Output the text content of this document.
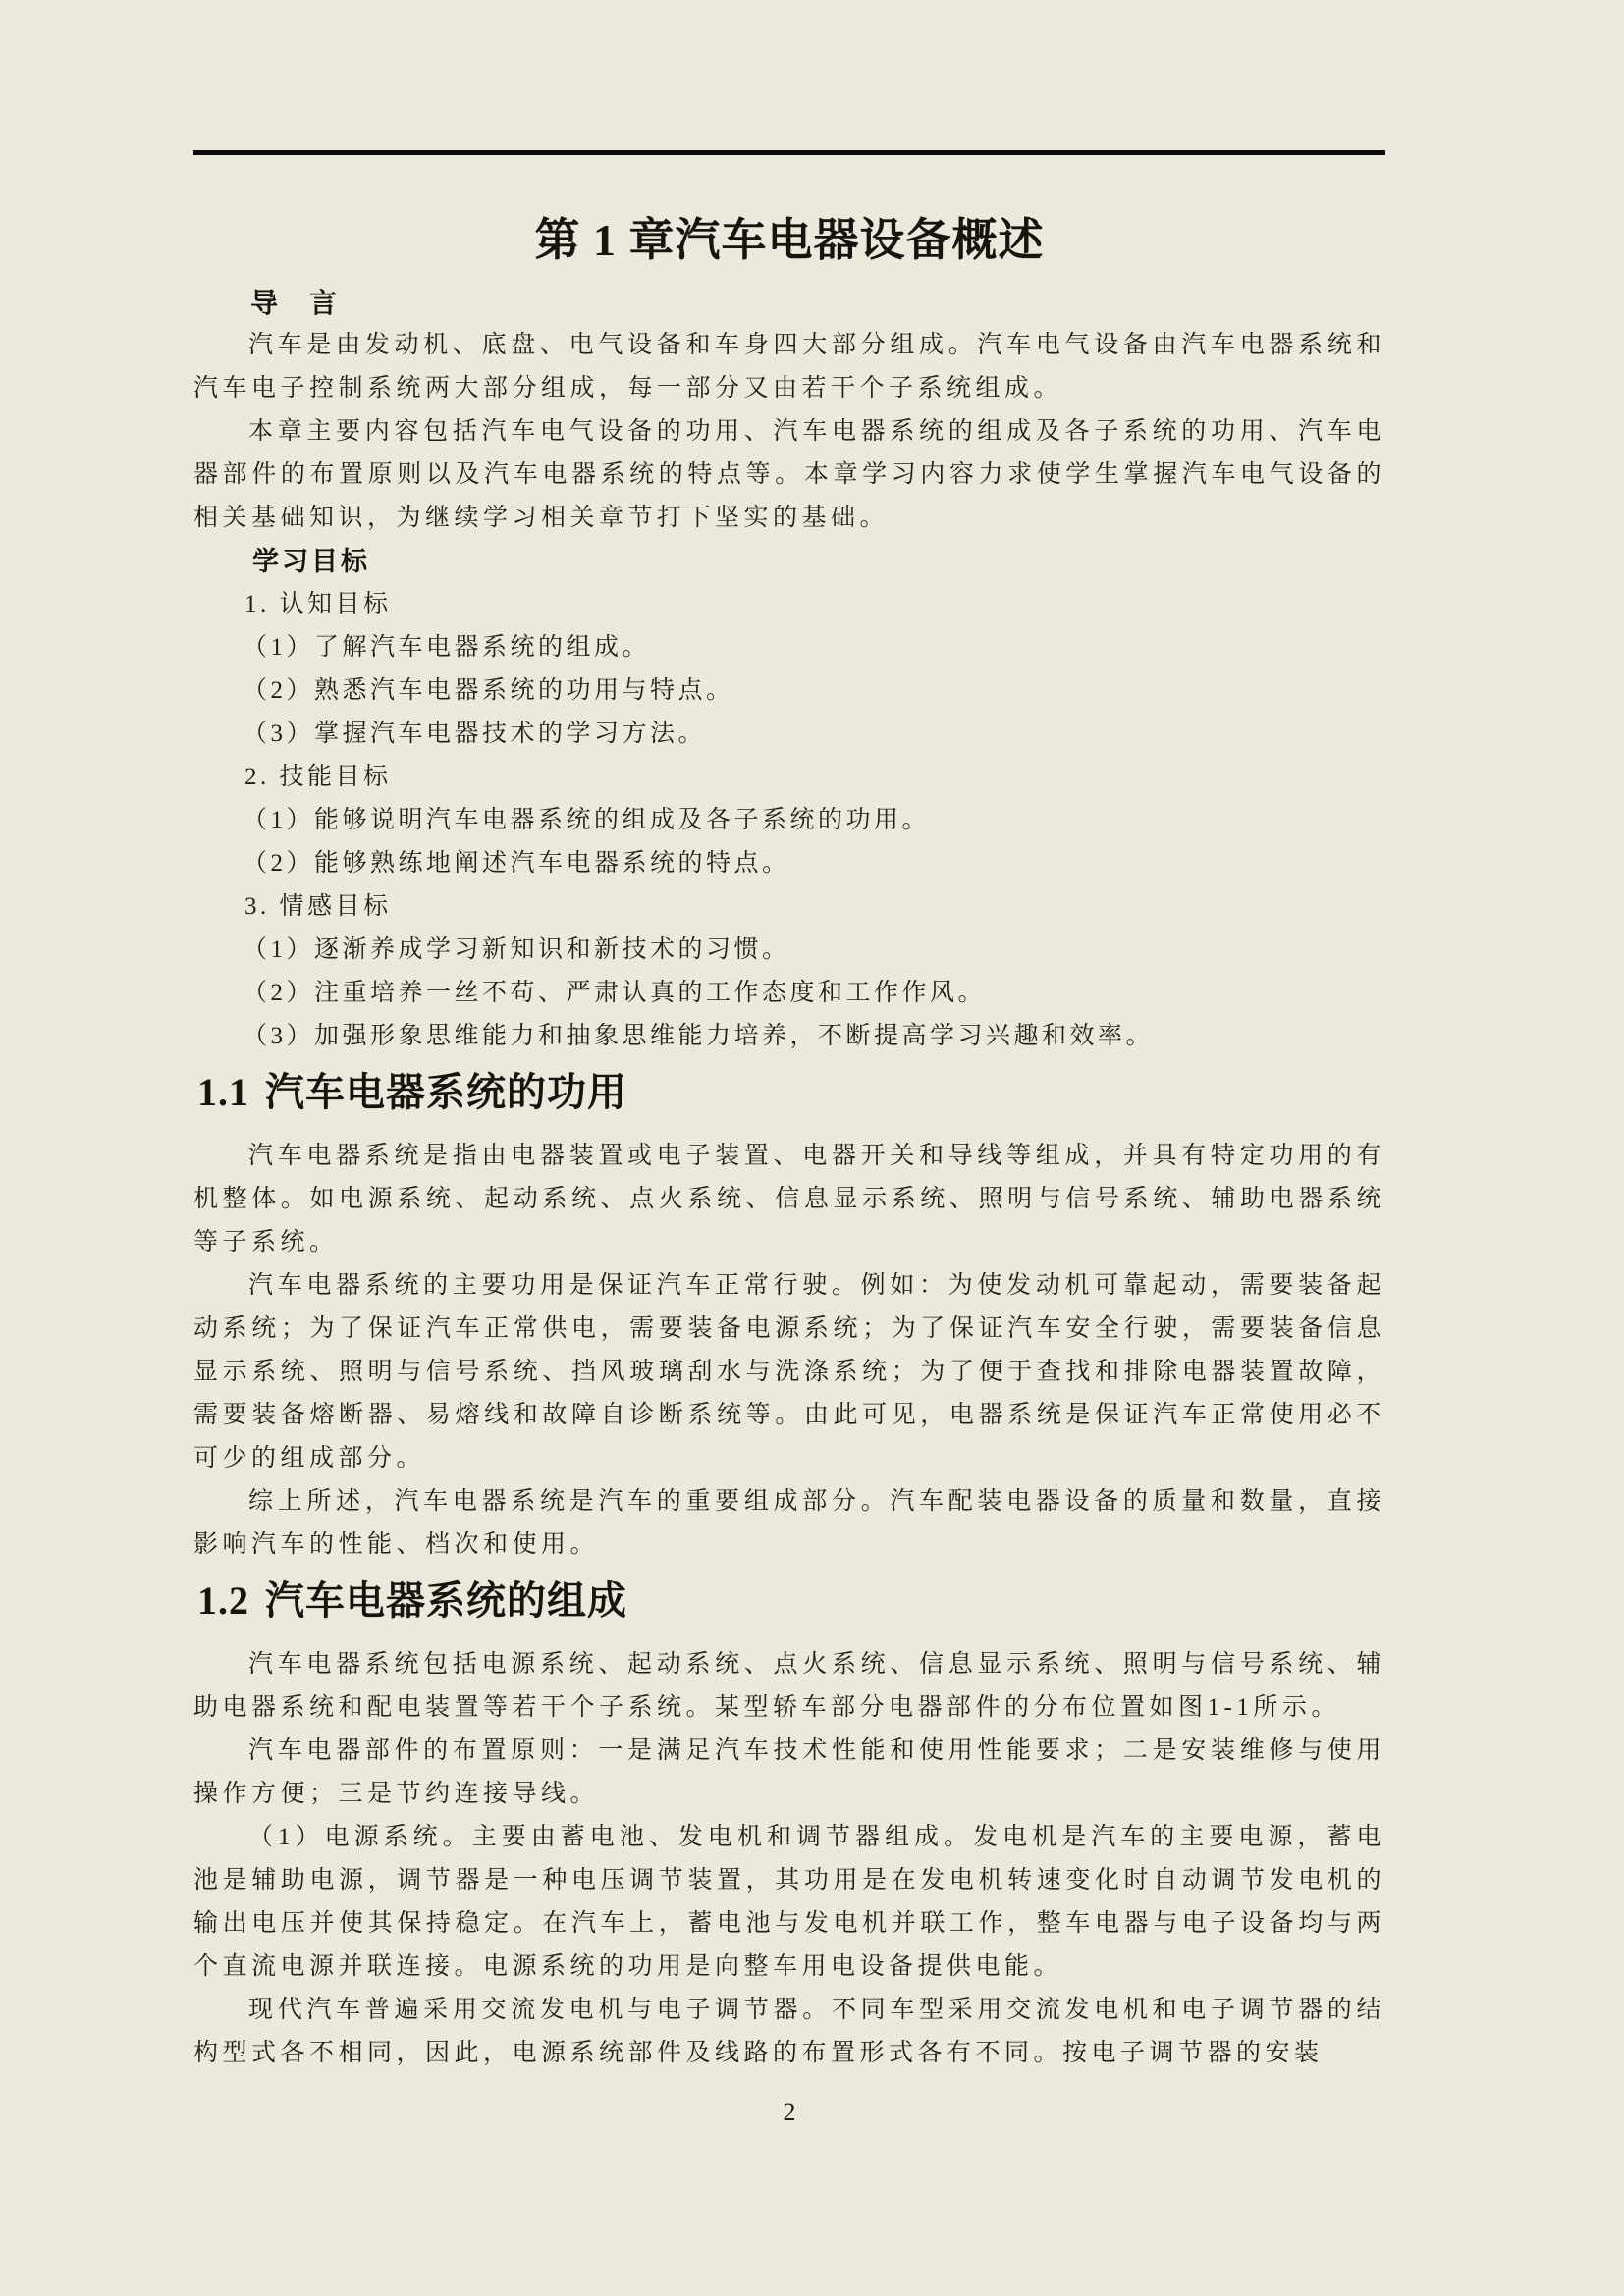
第 1 章汽车电器设备概述
导　言

汽车是由发动机、底盘、电气设备和车身四大部分组成。汽车电气设备由汽车电器系统和汽车电子控制系统两大部分组成，每一部分又由若干个子系统组成。

本章主要内容包括汽车电气设备的功用、汽车电器系统的组成及各子系统的功用、汽车电器部件的布置原则以及汽车电器系统的特点等。本章学习内容力求使学生掌握汽车电气设备的相关基础知识，为继续学习相关章节打下坚实的基础。

学习目标

1. 认知目标

（1）了解汽车电器系统的组成。

（2）熟悉汽车电器系统的功用与特点。

（3）掌握汽车电器技术的学习方法。

2. 技能目标

（1）能够说明汽车电器系统的组成及各子系统的功用。

（2）能够熟练地阐述汽车电器系统的特点。

3. 情感目标

（1）逐渐养成学习新知识和新技术的习惯。

（2）注重培养一丝不苟、严肃认真的工作态度和工作作风。

（3）加强形象思维能力和抽象思维能力培养，不断提高学习兴趣和效率。

1.1 汽车电器系统的功用

汽车电器系统是指由电器装置或电子装置、电器开关和导线等组成，并具有特定功用的有机整体。如电源系统、起动系统、点火系统、信息显示系统、照明与信号系统、辅助电器系统等子系统。

汽车电器系统的主要功用是保证汽车正常行驶。例如：为使发动机可靠起动，需要装备起动系统；为了保证汽车正常供电，需要装备电源系统；为了保证汽车安全行驶，需要装备信息显示系统、照明与信号系统、挡风玻璃刮水与洗涤系统；为了便于查找和排除电器装置故障，需要装备熔断器、易熔线和故障自诊断系统等。由此可见，电器系统是保证汽车正常使用必不可少的组成部分。

综上所述，汽车电器系统是汽车的重要组成部分。汽车配装电器设备的质量和数量，直接影响汽车的性能、档次和使用。

1.2 汽车电器系统的组成

汽车电器系统包括电源系统、起动系统、点火系统、信息显示系统、照明与信号系统、辅助电器系统和配电装置等若干个子系统。某型轿车部分电器部件的分布位置如图1-1所示。

汽车电器部件的布置原则：一是满足汽车技术性能和使用性能要求；二是安装维修与使用操作方便；三是节约连接导线。

（1）电源系统。主要由蓄电池、发电机和调节器组成。发电机是汽车的主要电源，蓄电池是辅助电源，调节器是一种电压调节装置，其功用是在发电机转速变化时自动调节发电机的输出电压并使其保持稳定。在汽车上，蓄电池与发电机并联工作，整车电器与电子设备均与两个直流电源并联连接。电源系统的功用是向整车用电设备提供电能。

现代汽车普遍采用交流发电机与电子调节器。不同车型采用交流发电机和电子调节器的结构型式各不相同，因此，电源系统部件及线路的布置形式各有不同。按电子调节器的安装

2
